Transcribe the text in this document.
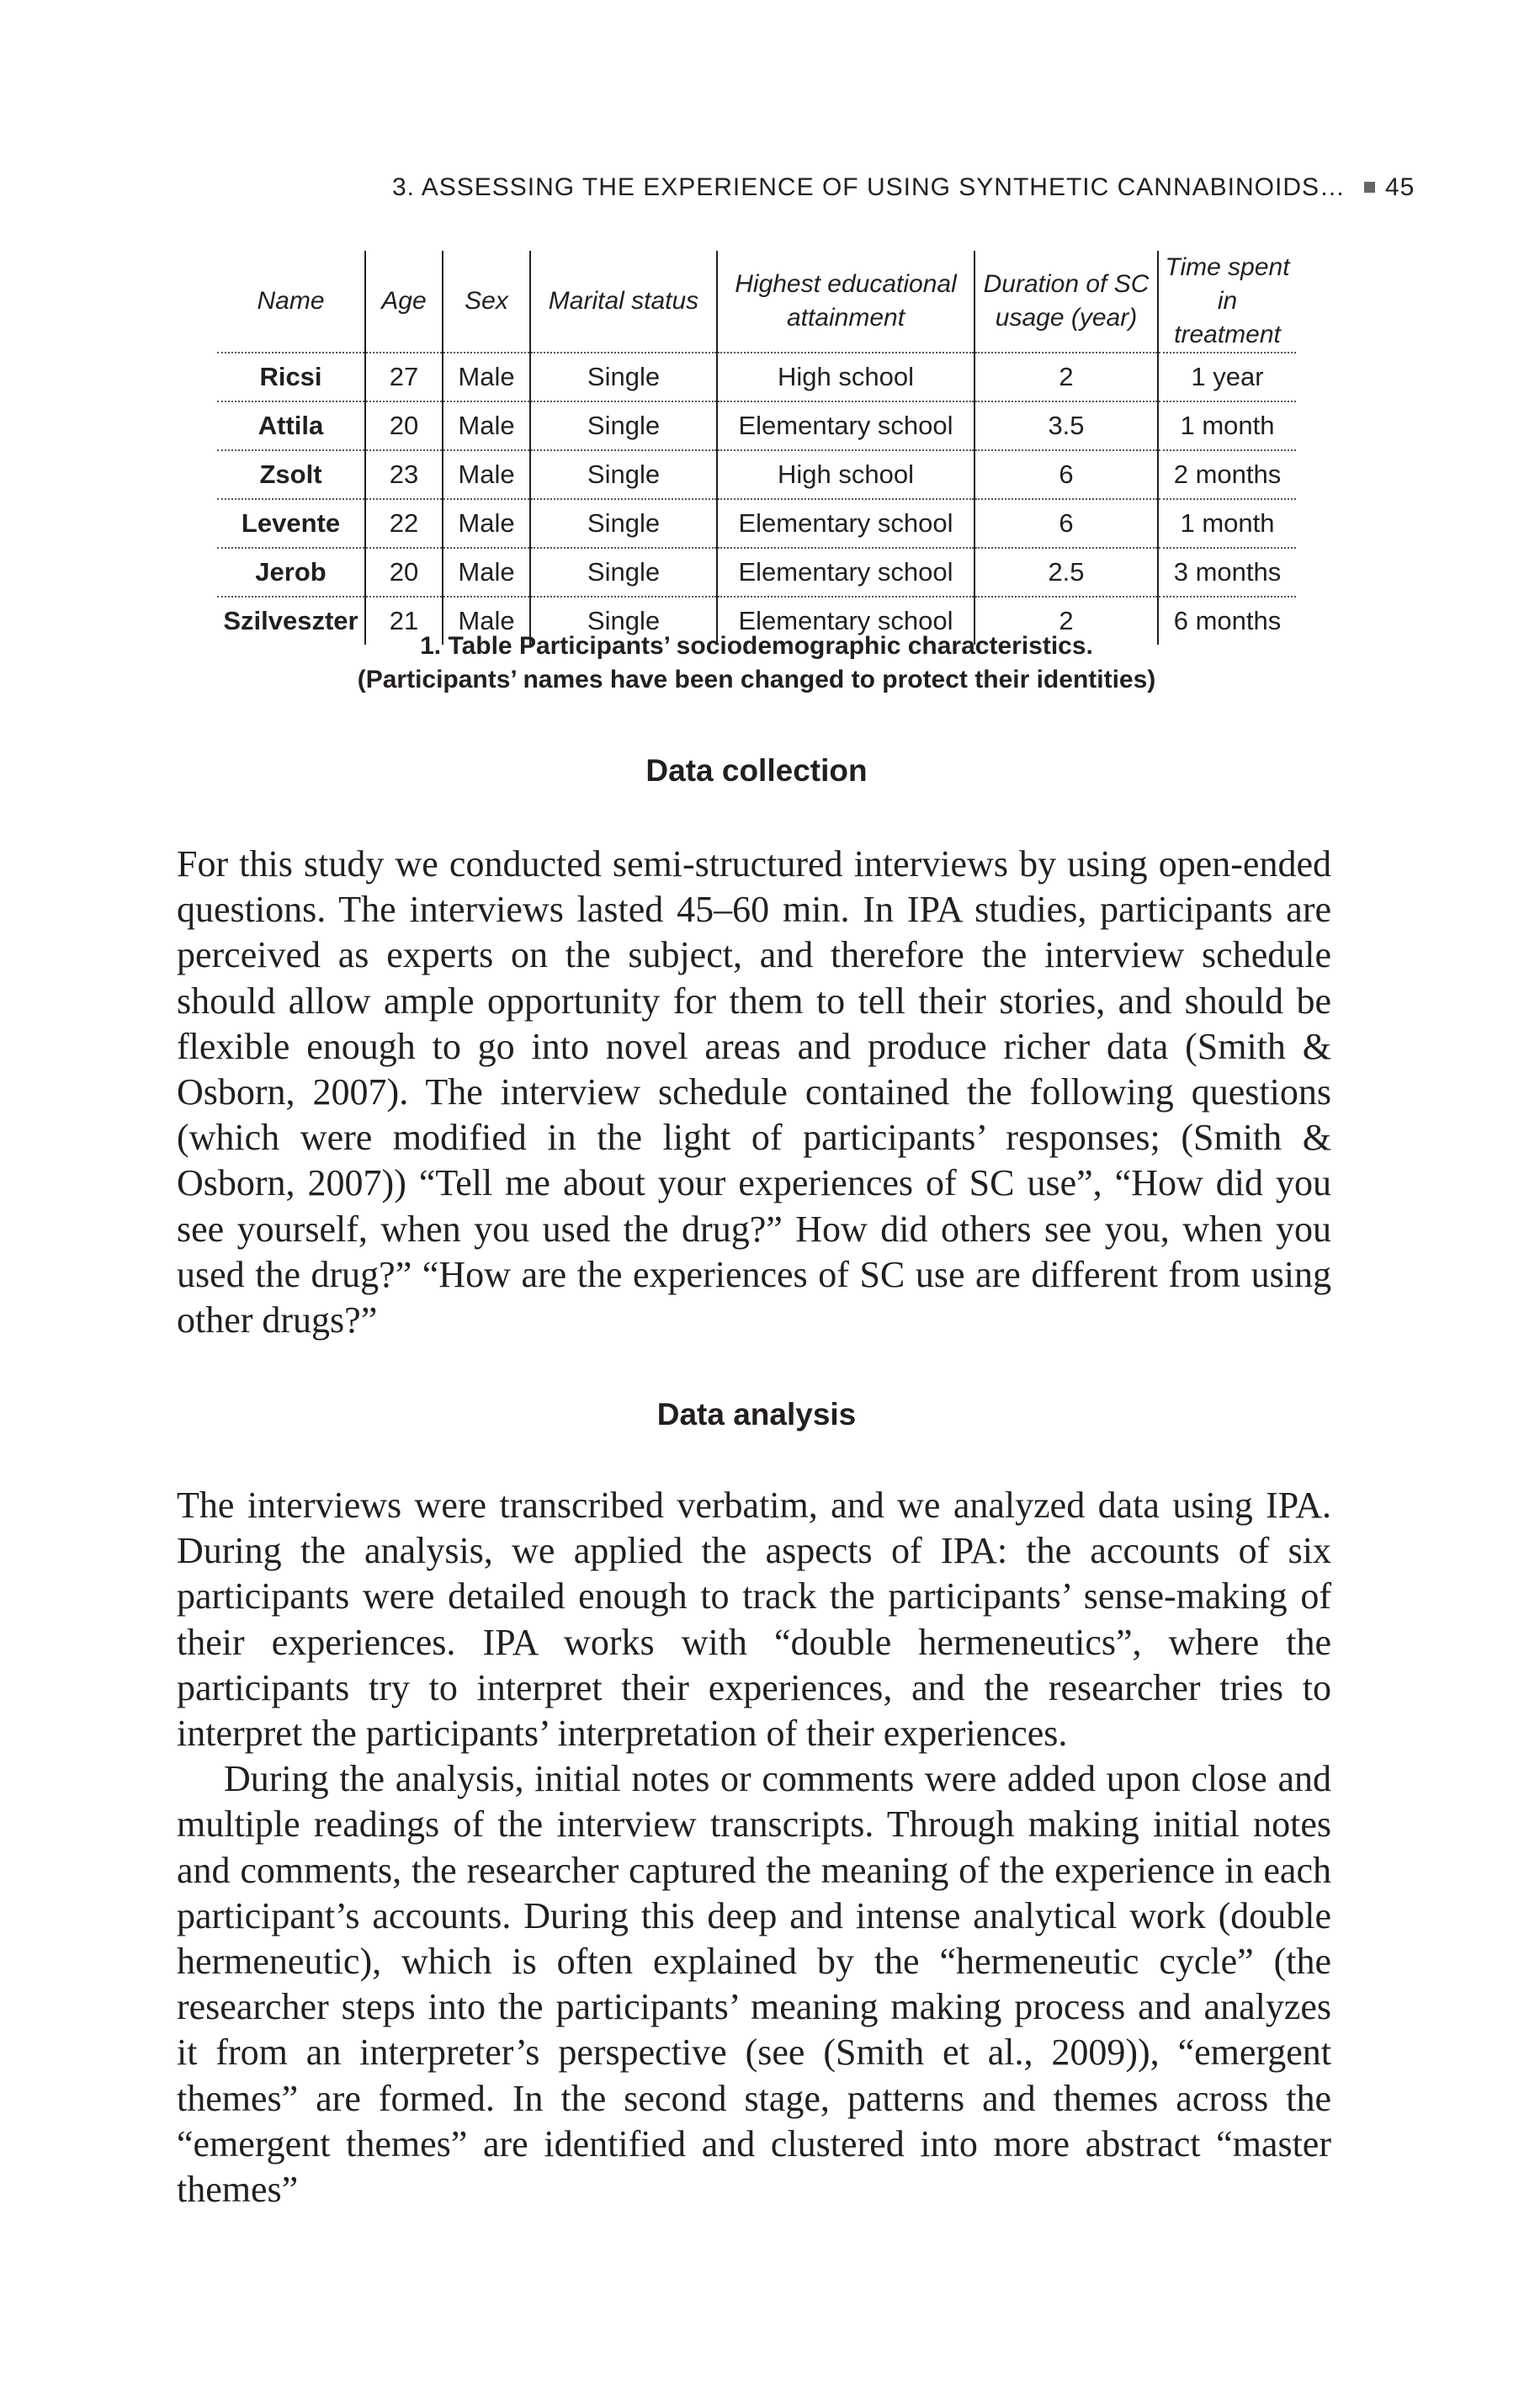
3. ASSESSING THE EXPERIENCE OF USING SYNTHETIC CANNABINOIDS… 45
Name	Age	Sex	Marital status	Highest educational attainment	Duration of SC usage (year)	Time spent in treatment
Ricsi	27	Male	Single	High school	2	1 year
Attila	20	Male	Single	Elementary school	3.5	1 month
Zsolt	23	Male	Single	High school	6	2 months
Levente	22	Male	Single	Elementary school	6	1 month
Jerob	20	Male	Single	Elementary school	2.5	3 months
Szilveszter	21	Male	Single	Elementary school	2	6 months
1. Table Participants’ sociodemographic characteristics.
(Participants’ names have been changed to protect their identities)
Data collection

For this study we conducted semi-structured interviews by using open-ended questions. The interviews lasted 45–60 min. In IPA studies, participants are perceived as experts on the subject, and therefore the interview schedule should allow ample opportunity for them to tell their stories, and should be flexible enough to go into novel areas and produce richer data (Smith & Osborn, 2007). The interview schedule contained the following questions (which were modified in the light of participants’ responses; (Smith & Osborn, 2007)) “Tell me about your experiences of SC use”, “How did you see yourself, when you used the drug?” How did others see you, when you used the drug?” “How are the experiences of SC use are different from using other drugs?”

Data analysis

The interviews were transcribed verbatim, and we analyzed data using IPA. During the analysis, we applied the aspects of IPA: the accounts of six participants were detailed enough to track the participants’ sense-making of their experiences. IPA works with “double hermeneutics”, where the participants try to interpret their experiences, and the researcher tries to interpret the participants’ interpretation of their experiences.

During the analysis, initial notes or comments were added upon close and multiple readings of the interview transcripts. Through making initial notes and comments, the researcher captured the meaning of the experience in each participant’s accounts. During this deep and intense analytical work (double hermeneutic), which is often explained by the “hermeneutic cycle” (the researcher steps into the participants’ meaning making process and analyzes it from an interpreter’s perspective (see (Smith et al., 2009)), “emergent themes” are formed. In the second stage, patterns and themes across the “emergent themes” are identified and clustered into more abstract “master themes”
